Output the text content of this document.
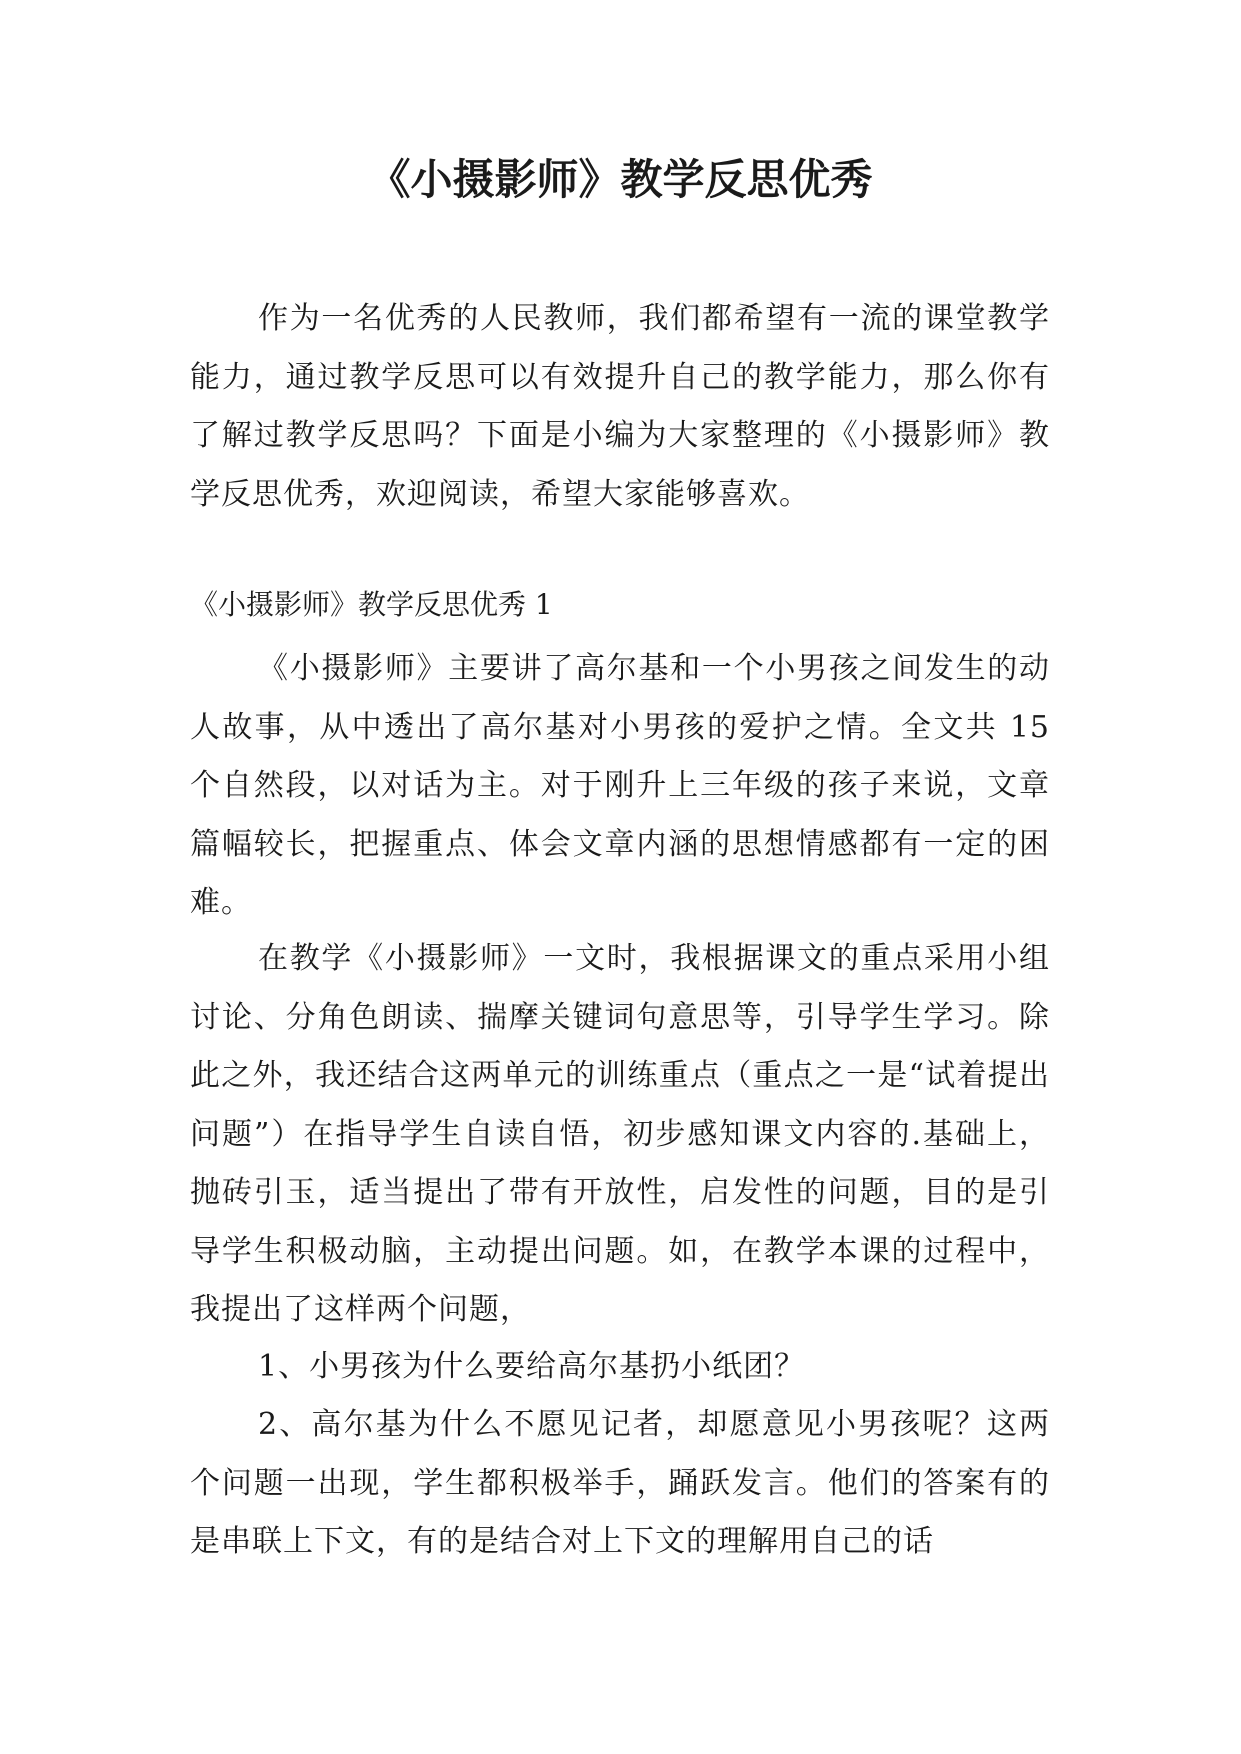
《小摄影师》教学反思优秀

作为一名优秀的人民教师，我们都希望有一流的课堂教学能力，通过教学反思可以有效提升自己的教学能力，那么你有了解过教学反思吗？下面是小编为大家整理的《小摄影师》教学反思优秀，欢迎阅读，希望大家能够喜欢。

《小摄影师》教学反思优秀 1

《小摄影师》主要讲了高尔基和一个小男孩之间发生的动人故事，从中透出了高尔基对小男孩的爱护之情。全文共 15 个自然段，以对话为主。对于刚升上三年级的孩子来说，文章篇幅较长，把握重点、体会文章内涵的思想情感都有一定的困难。

在教学《小摄影师》一文时，我根据课文的重点采用小组讨论、分角色朗读、揣摩关键词句意思等，引导学生学习。除此之外，我还结合这两单元的训练重点（重点之一是“试着提出问题”）在指导学生自读自悟，初步感知课文内容的.基础上，抛砖引玉，适当提出了带有开放性，启发性的问题，目的是引导学生积极动脑，主动提出问题。如，在教学本课的过程中，我提出了这样两个问题，

1、小男孩为什么要给高尔基扔小纸团？

2、高尔基为什么不愿见记者，却愿意见小男孩呢？这两个问题一出现，学生都积极举手，踊跃发言。他们的答案有的是串联上下文，有的是结合对上下文的理解用自己的话
